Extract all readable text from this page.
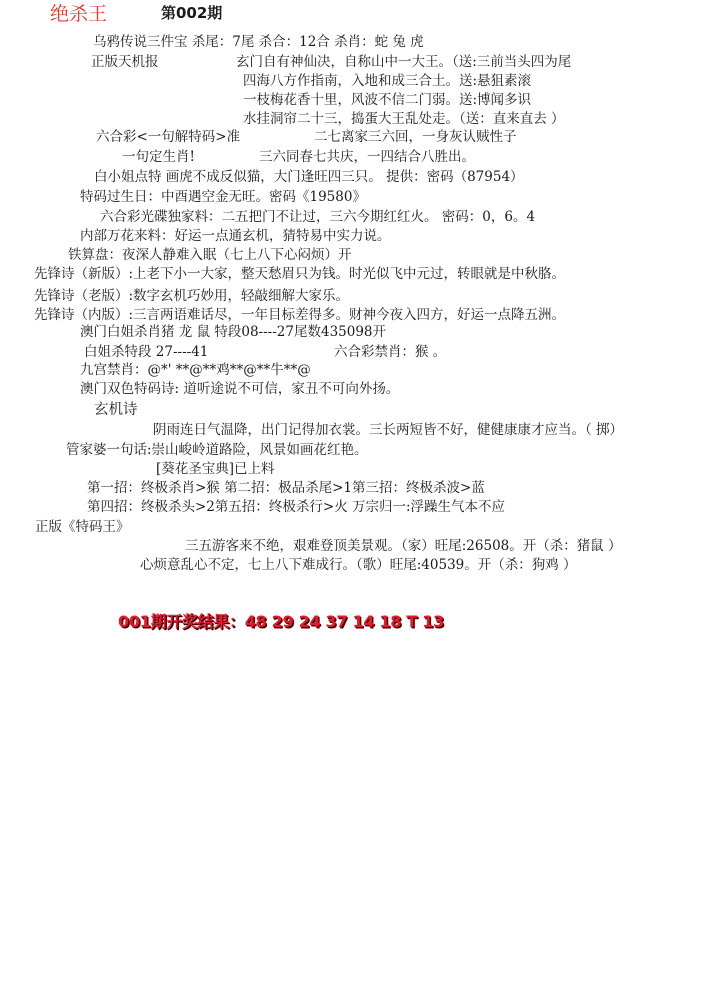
绝杀王	第002期
乌鸦传说三件宝 杀尾：7尾 杀合：12合 杀肖：蛇 兔 虎
正版天机报	玄门自有神仙决，自称山中一大王。（送:三前当头四为尾
四海八方作指南，入地和成三合土。送:悬狙素滚
一枝梅花香十里，风波不信二门弱。送:博闻多识
水挂洞帘二十三，捣蛋大王乱处走。（送：直来直去 ）
六合彩<一句解特码>准	二七离家三六回，一身灰认贼性子
一句定生肖!	三六同春七共庆，一四结合八胜出。
白小姐点特 画虎不成反似猫，大门逢旺四三只。 提供：密码（87954）
特码过生日：中酉遇空金无旺。密码《19580》
六合彩光碟独家料：二五把门不让过，三六今期红红火。 密码：0，6。4
内部万花来料：好运一点通玄机，猜特易中实力说。
铁算盘：夜深人静难入眠（七上八下心闷烦）开
先锋诗（新版）:上老下小一大家，整天愁眉只为钱。时光似飞中元过，转眼就是中秋胳。
先锋诗（老版）:数字玄机巧妙用，轻敲细解大家乐。
先锋诗（内版）:三言两语难话尽，一年目标差得多。财神今夜入四方，好运一点降五洲。
澳门白姐杀肖猪 龙 鼠 特段08----27尾数435098开
白姐杀特段 27----41	六合彩禁肖：猴 。
九宫禁肖：@*' **@**鸡**@**牛**@
澳门双色特码诗: 道听途说不可信，家丑不可向外扬。
玄机诗
阴雨连日气温降，出门记得加衣裳。三长两短皆不好，健健康康才应当。（ 掷）
管家婆一句话:崇山峻岭道路险，风景如画花红艳。
[葵花圣宝典]已上料
第一招：终极杀肖>猴 第二招：极品杀尾>1第三招：终极杀波>蓝
第四招：终极杀头>2第五招：终极杀行>火 万宗归一:浮躁生气本不应
正版《特码王》
三五游客来不绝，艰难登顶美景观。（家）旺尾:26508。开（杀：猪鼠 ）
心烦意乱心不定，七上八下难成行。（歌）旺尾:40539。开（杀：狗鸡 ）
001期开奖结果：48 29 24 37 14 18 T 13
